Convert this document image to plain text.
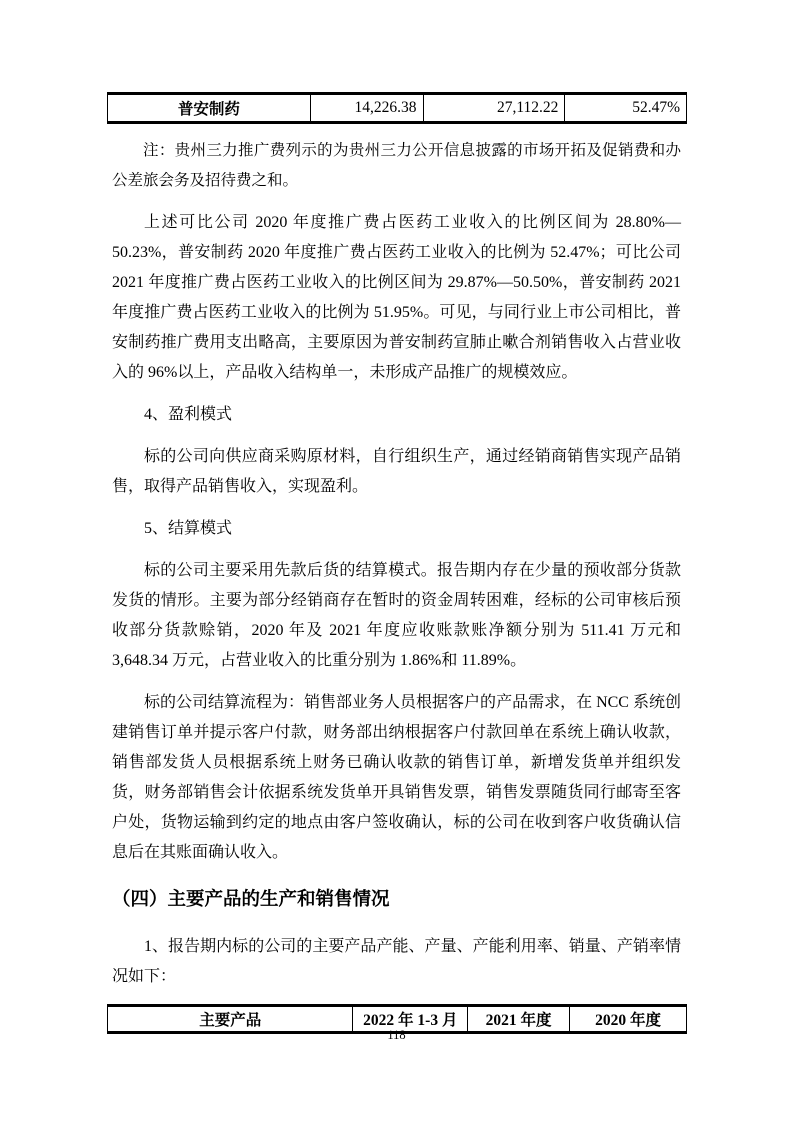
普安制药	14,226.38	27,112.22	52.47%

注：贵州三力推广费列示的为贵州三力公开信息披露的市场开拓及促销费和办公差旅会务及招待费之和。

上述可比公司 2020 年度推广费占医药工业收入的比例区间为 28.80%—50.23%，普安制药 2020 年度推广费占医药工业收入的比例为 52.47%；可比公司 2021 年度推广费占医药工业收入的比例区间为 29.87%—50.50%，普安制药 2021 年度推广费占医药工业收入的比例为 51.95%。可见，与同行业上市公司相比，普安制药推广费用支出略高，主要原因为普安制药宣肺止嗽合剂销售收入占营业收入的 96%以上，产品收入结构单一，未形成产品推广的规模效应。

4、盈利模式

标的公司向供应商采购原材料，自行组织生产，通过经销商销售实现产品销售，取得产品销售收入，实现盈利。

5、结算模式

标的公司主要采用先款后货的结算模式。报告期内存在少量的预收部分货款发货的情形。主要为部分经销商存在暂时的资金周转困难，经标的公司审核后预收部分货款赊销，2020 年及 2021 年度应收账款账净额分别为 511.41 万元和 3,648.34 万元，占营业收入的比重分别为 1.86%和 11.89%。

标的公司结算流程为：销售部业务人员根据客户的产品需求，在 NCC 系统创建销售订单并提示客户付款，财务部出纳根据客户付款回单在系统上确认收款，销售部发货人员根据系统上财务已确认收款的销售订单，新增发货单并组织发货，财务部销售会计依据系统发货单开具销售发票，销售发票随货同行邮寄至客户处，货物运输到约定的地点由客户签收确认，标的公司在收到客户收货确认信息后在其账面确认收入。

（四）主要产品的生产和销售情况

1、报告期内标的公司的主要产品产能、产量、产能利用率、销量、产销率情况如下：

主要产品	2022 年 1-3 月	2021 年度	2020 年度
118
